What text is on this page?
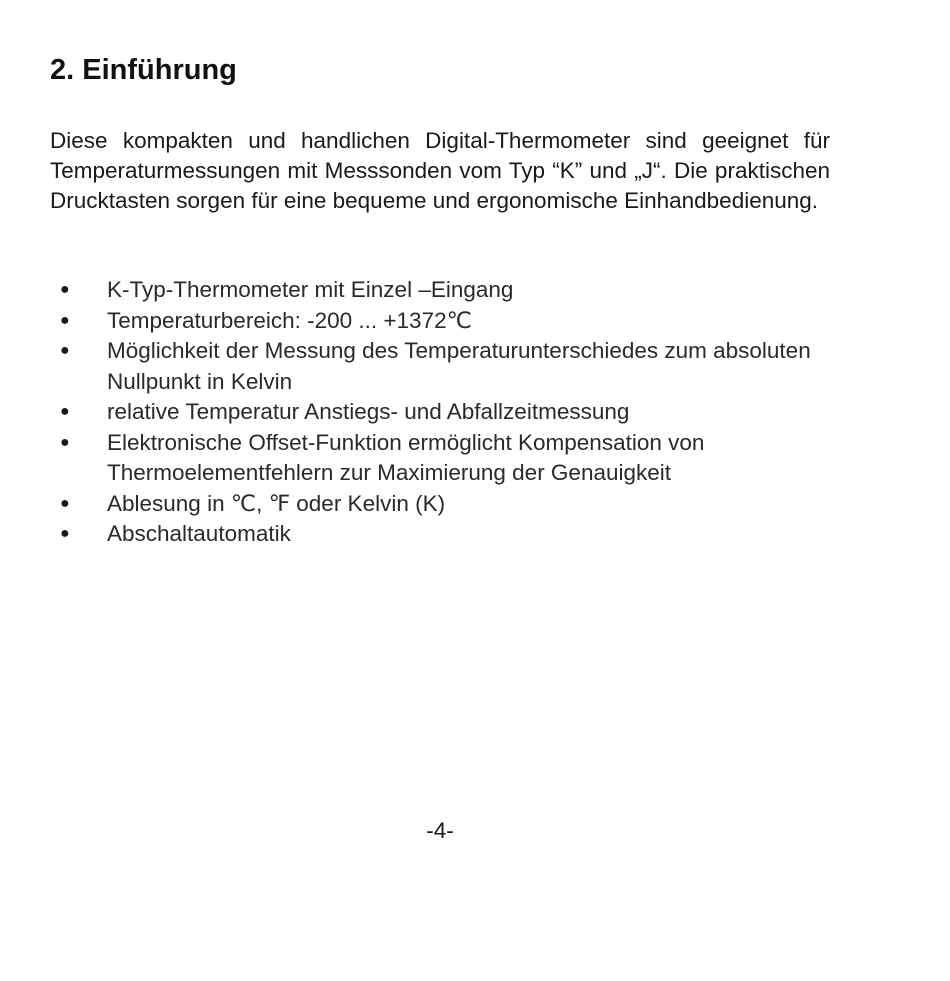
2. Einführung

Diese kompakten und handlichen Digital-Thermometer sind geeignet für Temperaturmessungen mit Messsonden vom Typ “K” und „J“. Die praktischen Drucktasten sorgen für eine bequeme und ergonomische Einhandbedienung.

●	K-Typ-Thermometer mit Einzel –Eingang
●	Temperaturbereich: -200 ... +1372℃
●	Möglichkeit der Messung des Temperaturunterschiedes zum absoluten Nullpunkt in Kelvin
●	relative Temperatur Anstiegs- und Abfallzeitmessung
●	Elektronische Offset-Funktion ermöglicht Kompensation von Thermoelementfehlern zur Maximierung der Genauigkeit
●	Ablesung in ℃, ℉ oder Kelvin (K)
●	Abschaltautomatik
-4-
